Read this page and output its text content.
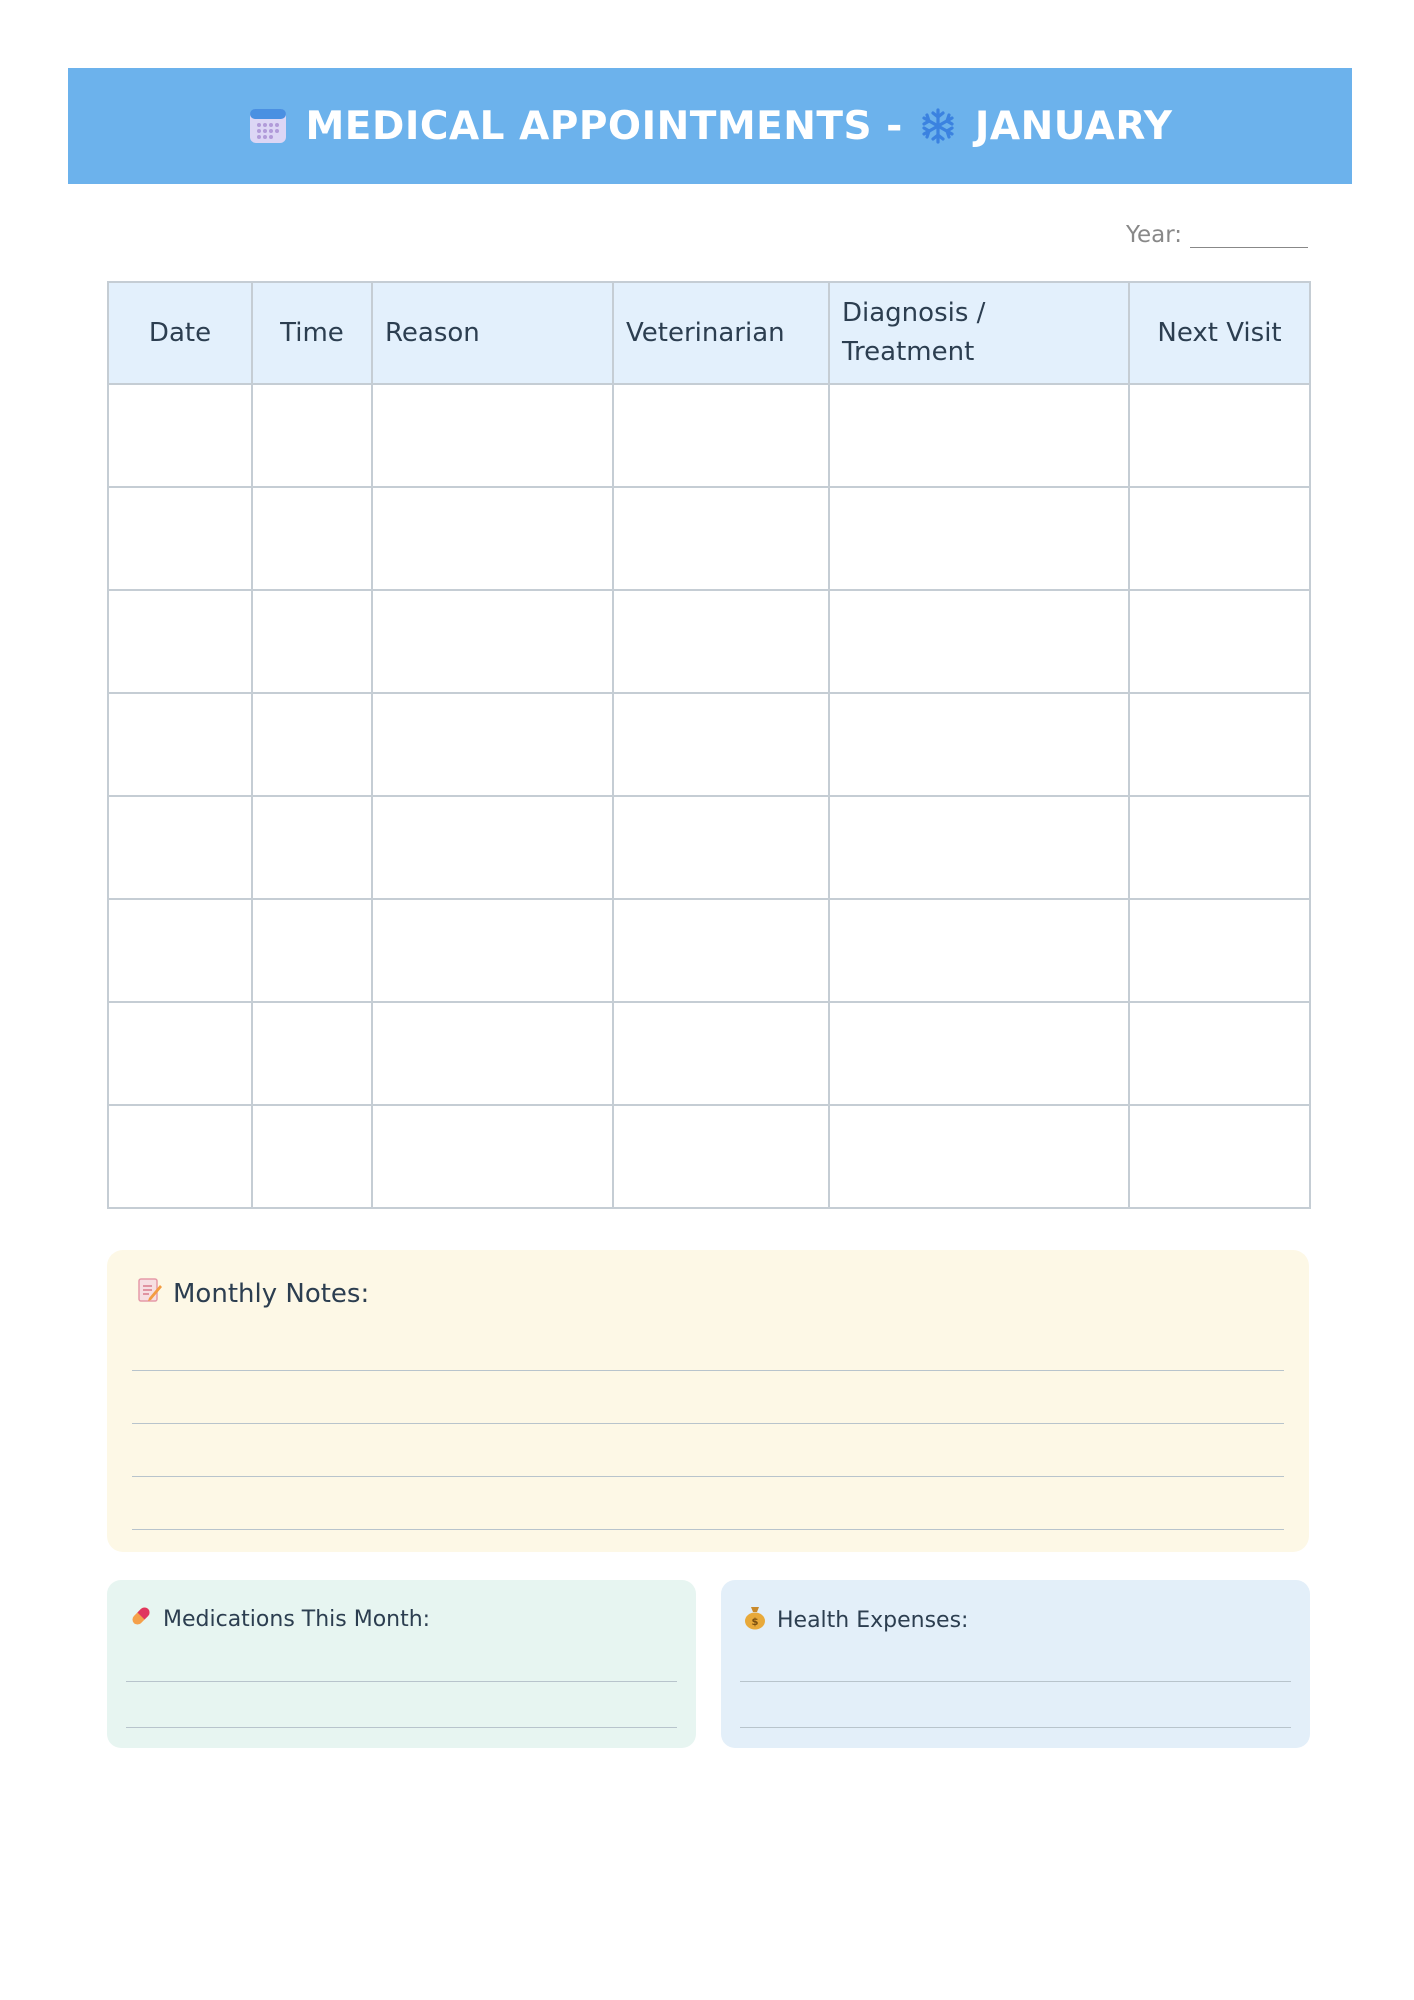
MEDICAL APPOINTMENTS - JANUARY
Year:
Date	Time	Reason	Veterinarian	Diagnosis / Treatment	Next Visit

Monthly Notes:
Medications This Month:	$ Health Expenses:
